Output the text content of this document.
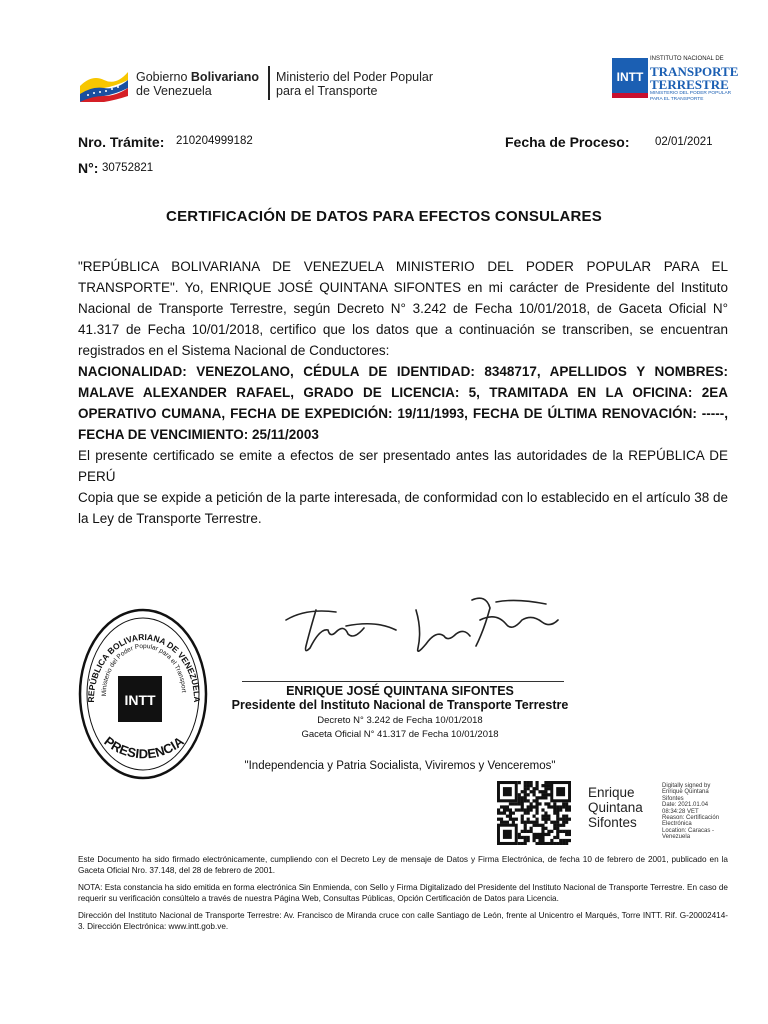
Gobierno Bolivariano
de Venezuela
Ministerio del Poder Popular
para el Transporte
INTT
INSTITUTO NACIONAL DE
TRANSPORTE
TERRESTRE
MINISTERIO DEL PODER POPULAR
PARA EL TRANSPORTE
Nro. Trámite: 210204999182	Fecha de Proceso: 02/01/2021
N°: 30752821
CERTIFICACIÓN DE DATOS PARA EFECTOS CONSULARES

"REPÚBLICA BOLIVARIANA DE VENEZUELA MINISTERIO DEL PODER POPULAR PARA EL TRANSPORTE". Yo, ENRIQUE JOSÉ QUINTANA SIFONTES en mi carácter de Presidente del Instituto Nacional de Transporte Terrestre, según Decreto N° 3.242 de Fecha 10/01/2018, de Gaceta Oficial N° 41.317 de Fecha 10/01/2018, certifico que los datos que a continuación se transcriben, se encuentran registrados en el Sistema Nacional de Conductores:

NACIONALIDAD: VENEZOLANO, CÉDULA DE IDENTIDAD: 8348717, APELLIDOS Y NOMBRES: MALAVE ALEXANDER RAFAEL, GRADO DE LICENCIA: 5, TRAMITADA EN LA OFICINA: 2EA OPERATIVO CUMANA, FECHA DE EXPEDICIÓN: 19/11/1993, FECHA DE ÚLTIMA RENOVACIÓN: -----, FECHA DE VENCIMIENTO: 25/11/2003

El presente certificado se emite a efectos de ser presentado antes las autoridades de la REPÚBLICA DE PERÚ

Copia que se expide a petición de la parte interesada, de conformidad con lo establecido en el artículo 38 de la Ley de Transporte Terrestre.

REPÚBLICA BOLIVARIANA DE VENEZUELA
Ministerio del Poder Popular para el Transport
INTT
PRESIDENCIA
ENRIQUE JOSÉ QUINTANA SIFONTES
Presidente del Instituto Nacional de Transporte Terrestre
Decreto N° 3.242 de Fecha 10/01/2018
Gaceta Oficial N° 41.317 de Fecha 10/01/2018
"Independencia y Patria Socialista, Viviremos y Venceremos"
Enrique
Quintana
Sifontes
Digitally signed by
Enrique Quintana
Sifontes
Date: 2021.01.04
08:34:28 VET
Reason: Certificación
Electrónica
Location: Caracas -
Venezuela
Este Documento ha sido firmado electrónicamente, cumpliendo con el Decreto Ley de mensaje de Datos y Firma Electrónica, de fecha 10 de febrero de 2001, publicado en la Gaceta Oficial Nro. 37.148, del 28 de febrero de 2001.
NOTA: Esta constancia ha sido emitida en forma electrónica Sin Enmienda, con Sello y Firma Digitalizado del Presidente del Instituto Nacional de Transporte Terrestre. En caso de requerir su verificación consúltelo a través de nuestra Página Web, Consultas Públicas, Opción Certificación de Datos para Licencia.
Dirección del Instituto Nacional de Transporte Terrestre: Av. Francisco de Miranda cruce con calle Santiago de León, frente al Unicentro el Marqués, Torre INTT. Rif. G-20002414-3. Dirección Electrónica: www.intt.gob.ve.
